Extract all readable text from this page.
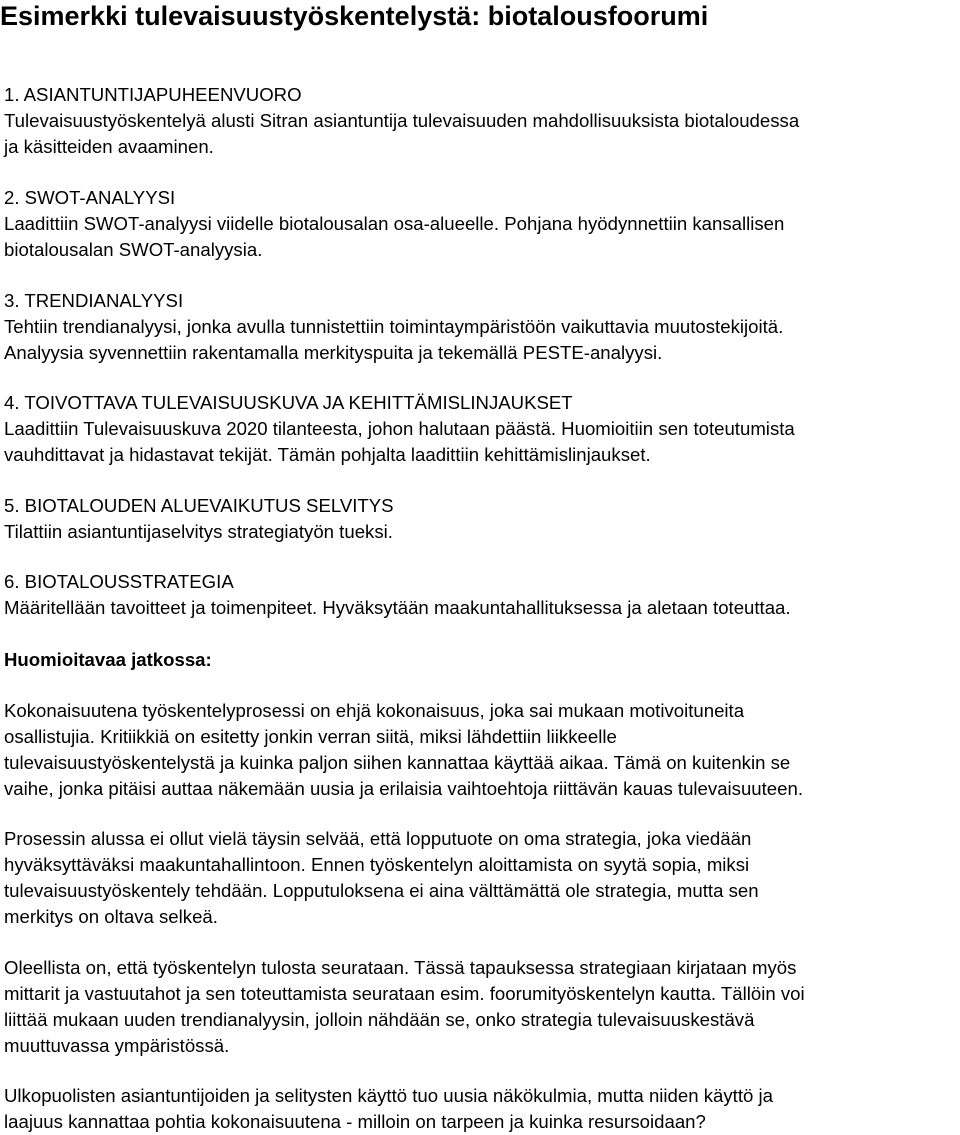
Esimerkki tulevaisuustyöskentelystä: biotalousfoorumi

1. ASIANTUNTIJAPUHEENVUORO

Tulevaisuustyöskentelyä alusti Sitran asiantuntija tulevaisuuden mahdollisuuksista biotaloudessa

ja käsitteiden avaaminen.

2. SWOT-ANALYYSI

Laadittiin SWOT-analyysi viidelle biotalousalan osa-alueelle. Pohjana hyödynnettiin kansallisen

biotalousalan SWOT-analyysia.

3. TRENDIANALYYSI

Tehtiin trendianalyysi, jonka avulla tunnistettiin toimintaympäristöön vaikuttavia muutostekijoitä.

Analyysia syvennettiin rakentamalla merkityspuita ja tekemällä PESTE-analyysi.

4. TOIVOTTAVA TULEVAISUUSKUVA JA KEHITTÄMISLINJAUKSET

Laadittiin Tulevaisuuskuva 2020 tilanteesta, johon halutaan päästä. Huomioitiin sen toteutumista

vauhdittavat ja hidastavat tekijät. Tämän pohjalta laadittiin kehittämislinjaukset.

5. BIOTALOUDEN ALUEVAIKUTUS SELVITYS

Tilattiin asiantuntijaselvitys strategiatyön tueksi.

6. BIOTALOUSSTRATEGIA

Määritellään tavoitteet ja toimenpiteet. Hyväksytään maakuntahallituksessa ja aletaan toteuttaa.

Huomioitavaa jatkossa:

Kokonaisuutena työskentelyprosessi on ehjä kokonaisuus, joka sai mukaan motivoituneita

osallistujia. Kritiikkiä on esitetty jonkin verran siitä, miksi lähdettiin liikkeelle

tulevaisuustyöskentelystä ja kuinka paljon siihen kannattaa käyttää aikaa. Tämä on kuitenkin se

vaihe, jonka pitäisi auttaa näkemään uusia ja erilaisia vaihtoehtoja riittävän kauas tulevaisuuteen.

Prosessin alussa ei ollut vielä täysin selvää, että lopputuote on oma strategia, joka viedään

hyväksyttäväksi maakuntahallintoon. Ennen työskentelyn aloittamista on syytä sopia, miksi

tulevaisuustyöskentely tehdään. Lopputuloksena ei aina välttämättä ole strategia, mutta sen

merkitys on oltava selkeä.

Oleellista on, että työskentelyn tulosta seurataan. Tässä tapauksessa strategiaan kirjataan myös

mittarit ja vastuutahot ja sen toteuttamista seurataan esim. foorumityöskentelyn kautta. Tällöin voi

liittää mukaan uuden trendianalyysin, jolloin nähdään se, onko strategia tulevaisuuskestävä

muuttuvassa ympäristössä.

Ulkopuolisten asiantuntijoiden ja selitysten käyttö tuo uusia näkökulmia, mutta niiden käyttö ja

laajuus kannattaa pohtia kokonaisuutena - milloin on tarpeen ja kuinka resursoidaan?
